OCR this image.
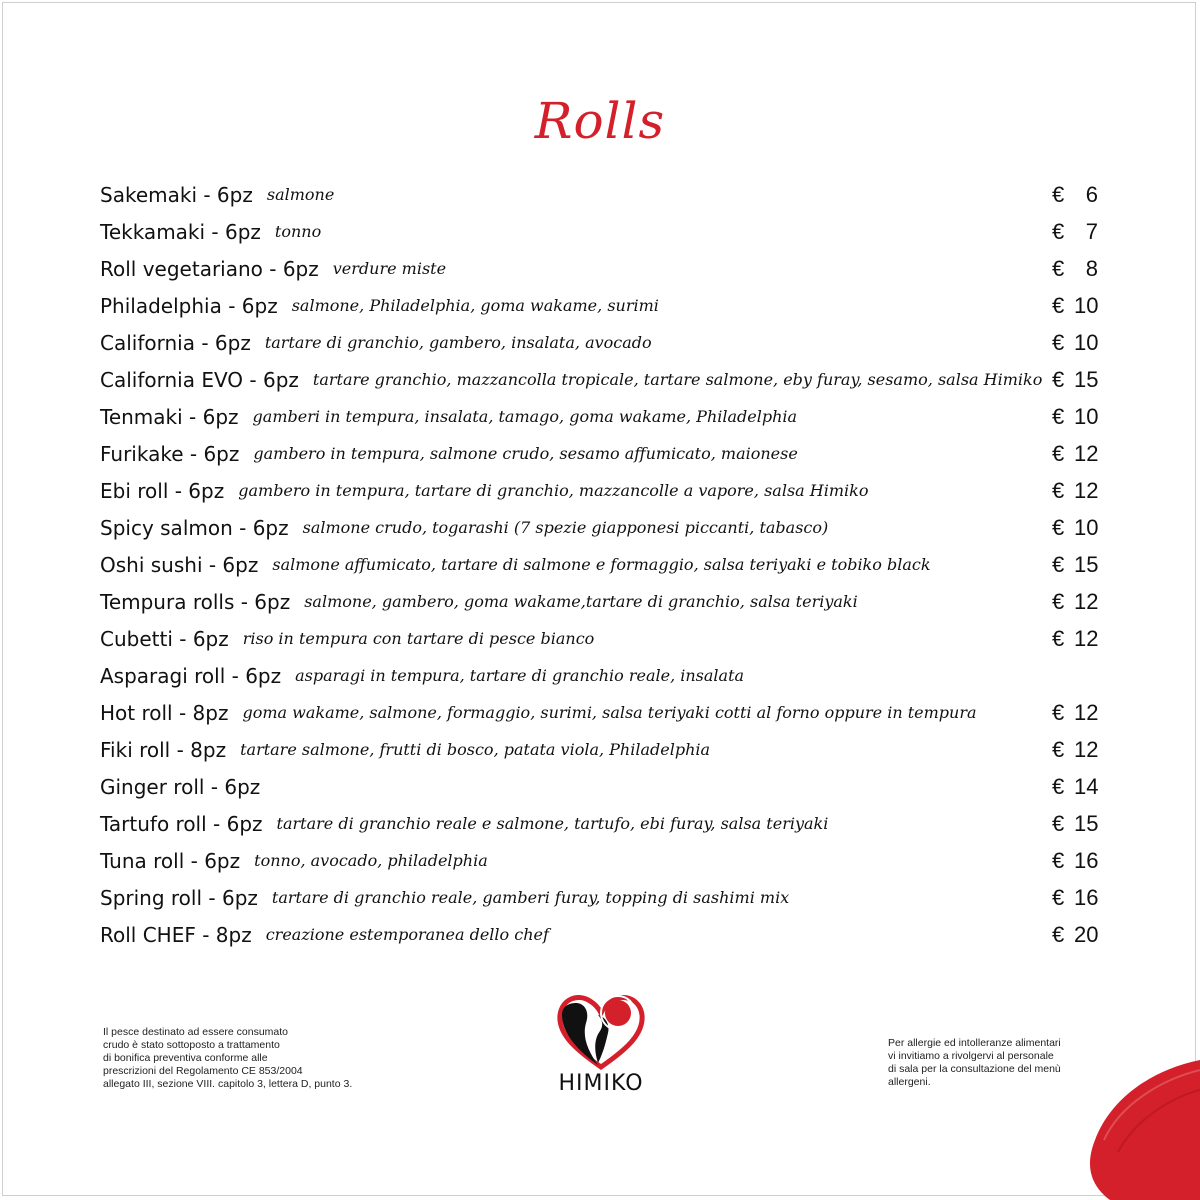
Rolls
Sakemaki - 6pz salmone	€ 6
Tekkamaki - 6pz tonno	€ 7
Roll vegetariano - 6pz verdure miste	€ 8
Philadelphia - 6pz salmone, Philadelphia, goma wakame, surimi	€ 10
California - 6pz tartare di granchio, gambero, insalata, avocado	€ 10
California EVO - 6pz tartare granchio, mazzancolla tropicale, tartare salmone, eby furay, sesamo, salsa Himiko € 15
Tenmaki - 6pz gamberi in tempura, insalata, tamago, goma wakame, Philadelphia	€ 10
Furikake - 6pz gambero in tempura, salmone crudo, sesamo affumicato, maionese	€ 12
Ebi roll - 6pz gambero in tempura, tartare di granchio, mazzancolle a vapore, salsa Himiko	€ 12
Spicy salmon - 6pz salmone crudo, togarashi (7 spezie giapponesi piccanti, tabasco)	€ 10
Oshi sushi - 6pz salmone affumicato, tartare di salmone e formaggio, salsa teriyaki e tobiko black	€ 15
Tempura rolls - 6pz salmone, gambero, goma wakame,tartare di granchio, salsa teriyaki	€ 12
Cubetti - 6pz riso in tempura con tartare di pesce bianco	€ 12
Asparagi roll - 6pz asparagi in tempura, tartare di granchio reale, insalata
Hot roll - 8pz goma wakame, salmone, formaggio, surimi, salsa teriyaki cotti al forno oppure in tempura	€ 12
Fiki roll - 8pz tartare salmone, frutti di bosco, patata viola, Philadelphia	€ 12
Ginger roll - 6pz	€ 14
Tartufo roll - 6pz tartare di granchio reale e salmone, tartufo, ebi furay, salsa teriyaki	€ 15
Tuna roll - 6pz tonno, avocado, philadelphia	€ 16
Spring roll - 6pz tartare di granchio reale, gamberi furay, topping di sashimi mix	€ 16
Roll CHEF - 8pz creazione estemporanea dello chef	€ 20

Il pesce destinato ad essere consumato

crudo è stato sottoposto a trattamento

di bonifica preventiva conforme alle

prescrizioni del Regolamento CE 853/2004

allegato III, sezione VIII. capitolo 3, lettera D, punto 3.	HIMIKO

Per allergie ed intolleranze alimentari

vi invitiamo a rivolgervi al personale

di sala per la consultazione del menù

allergeni.
